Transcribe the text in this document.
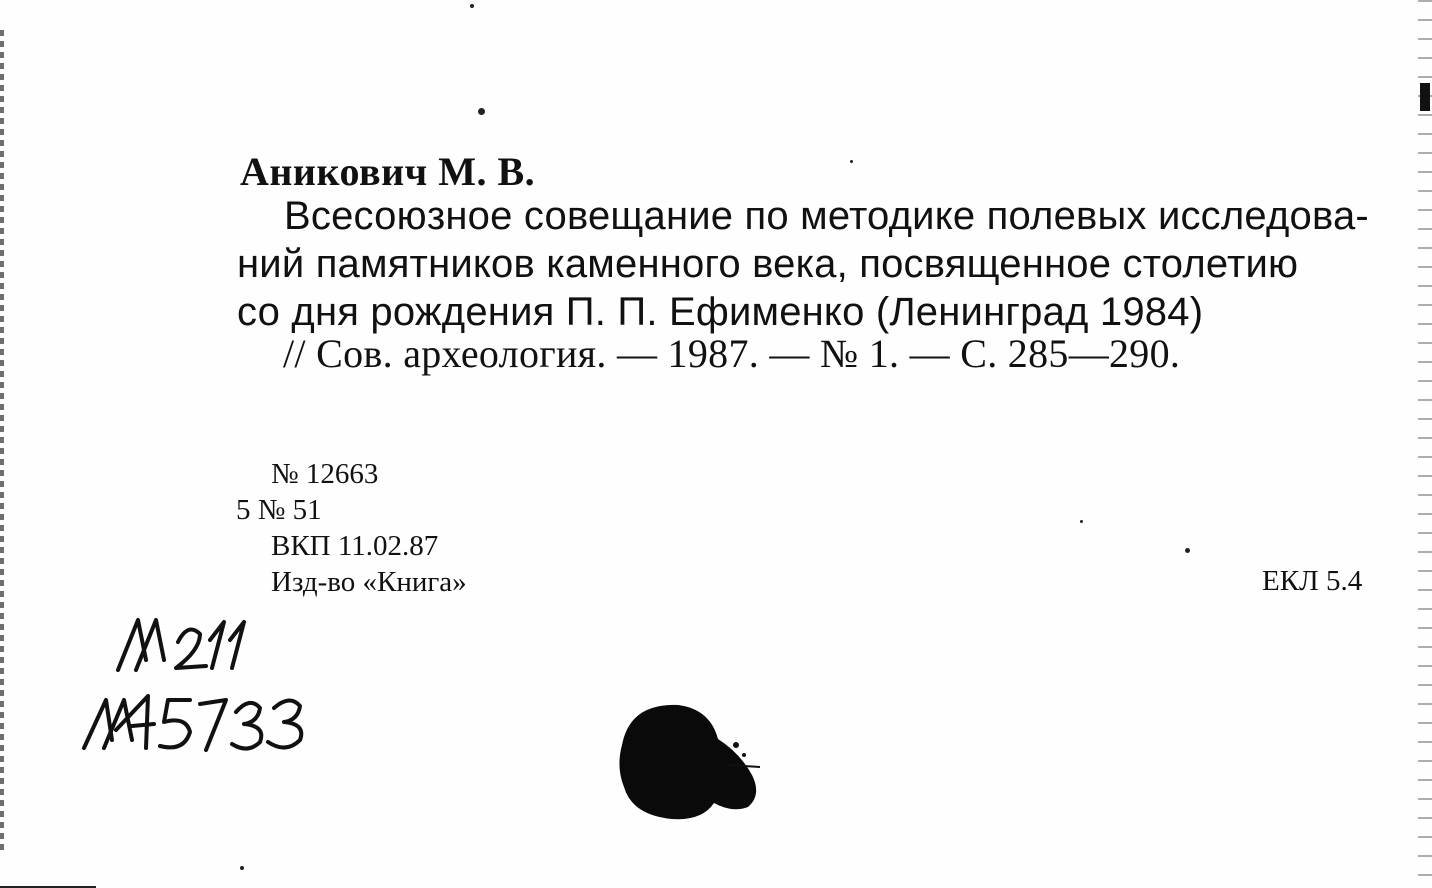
Аникович М. В.
Всесоюзное совещание по методике полевых исследова-
ний памятников каменного века, посвященное столетию
со дня рождения П. П. Ефименко (Ленинград 1984)
// Сов. археология. — 1987. — № 1. — С. 285—290.
№ 12663
5 № 51
ВКП 11.02.87
Изд-во «Книга»	ЕКЛ 5.4
